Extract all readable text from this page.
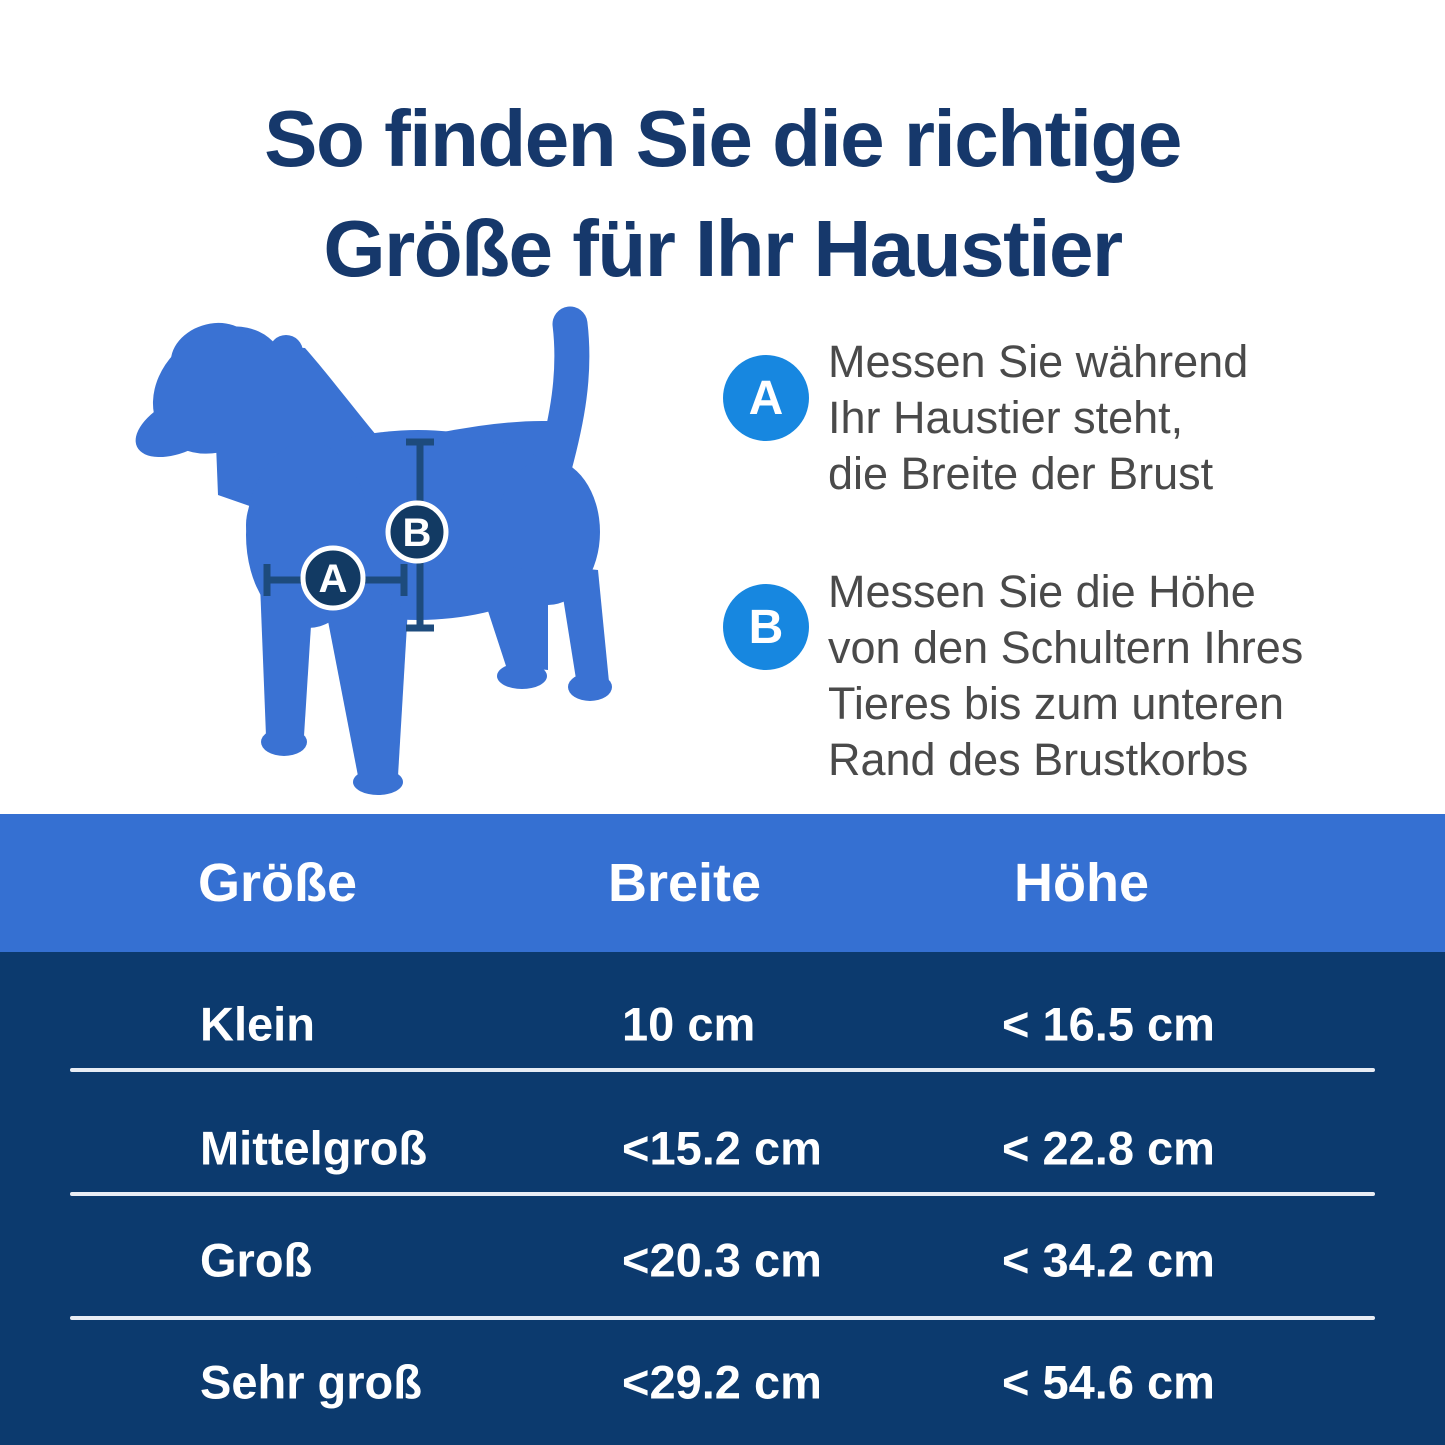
So finden Sie die richtige
Größe für Ihr Haustier
A
B
A
Messen Sie während
Ihr Haustier steht,
die Breite der Brust
B
Messen Sie die Höhe
von den Schultern Ihres
Tieres bis zum unteren
Rand des Brustkorbs
Größe	Breite	Höhe
Klein	10 cm	< 16.5 cm
Mittelgroß	<15.2 cm	< 22.8 cm
Groß	<20.3 cm	< 34.2 cm
Sehr groß	<29.2 cm	< 54.6 cm
